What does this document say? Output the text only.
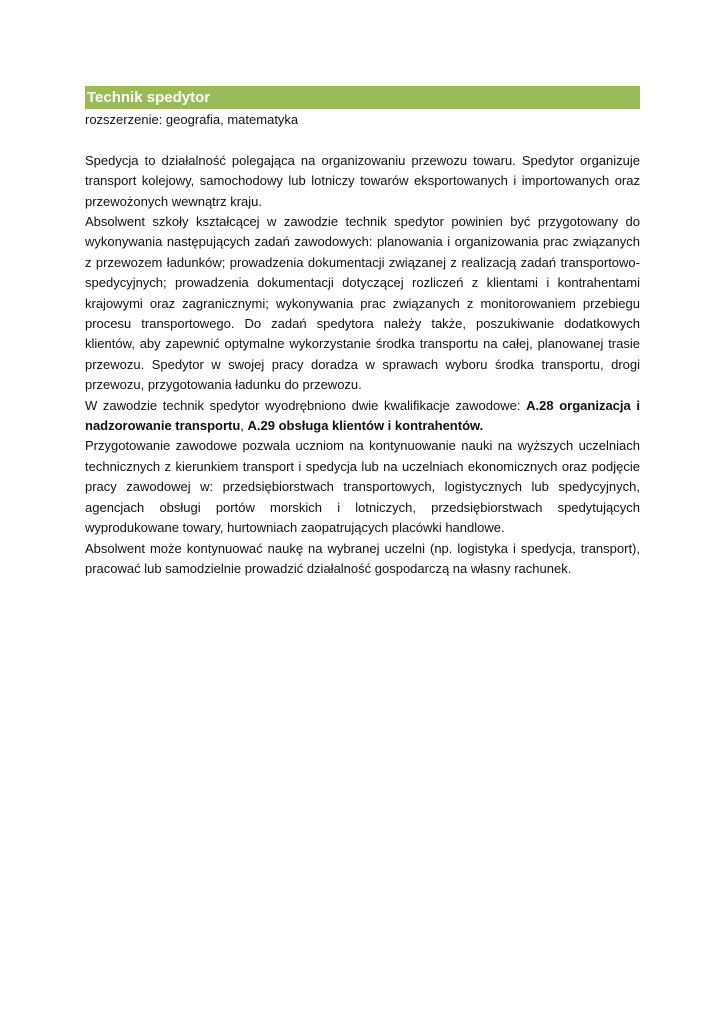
Technik spedytor
rozszerzenie: geografia, matematyka

Spedycja to działalność polegająca na organizowaniu przewozu towaru. Spedytor organizuje transport kolejowy, samochodowy lub lotniczy towarów eksportowanych i importowanych oraz przewożonych wewnątrz kraju.

Absolwent szkoły kształcącej w zawodzie technik spedytor powinien być przygotowany do wykonywania następujących zadań zawodowych: planowania i organizowania prac związanych z przewozem ładunków; prowadzenia dokumentacji związanej z realizacją zadań transportowo-spedycyjnych; prowadzenia dokumentacji dotyczącej rozliczeń z klientami i kontrahentami krajowymi oraz zagranicznymi; wykonywania prac związanych z monitorowaniem przebiegu procesu transportowego. Do zadań spedytora należy także, poszukiwanie dodatkowych klientów, aby zapewnić optymalne wykorzystanie środka transportu na całej, planowanej trasie przewozu. Spedytor w swojej pracy doradza w sprawach wyboru środka transportu, drogi przewozu, przygotowania ładunku do przewozu.

W zawodzie technik spedytor wyodrębniono dwie kwalifikacje zawodowe: A.28 organizacja i nadzorowanie transportu, A.29 obsługa klientów i kontrahentów.

Przygotowanie zawodowe pozwala uczniom na kontynuowanie nauki na wyższych uczelniach technicznych z kierunkiem transport i spedycja lub na uczelniach ekonomicznych oraz podjęcie pracy zawodowej w: przedsiębiorstwach transportowych, logistycznych lub spedycyjnych, agencjach obsługi portów morskich i lotniczych, przedsiębiorstwach spedytujących wyprodukowane towary, hurtowniach zaopatrujących placówki handlowe.

Absolwent może kontynuować naukę na wybranej uczelni (np. logistyka i spedycja, transport), pracować lub samodzielnie prowadzić działalność gospodarczą na własny rachunek.
